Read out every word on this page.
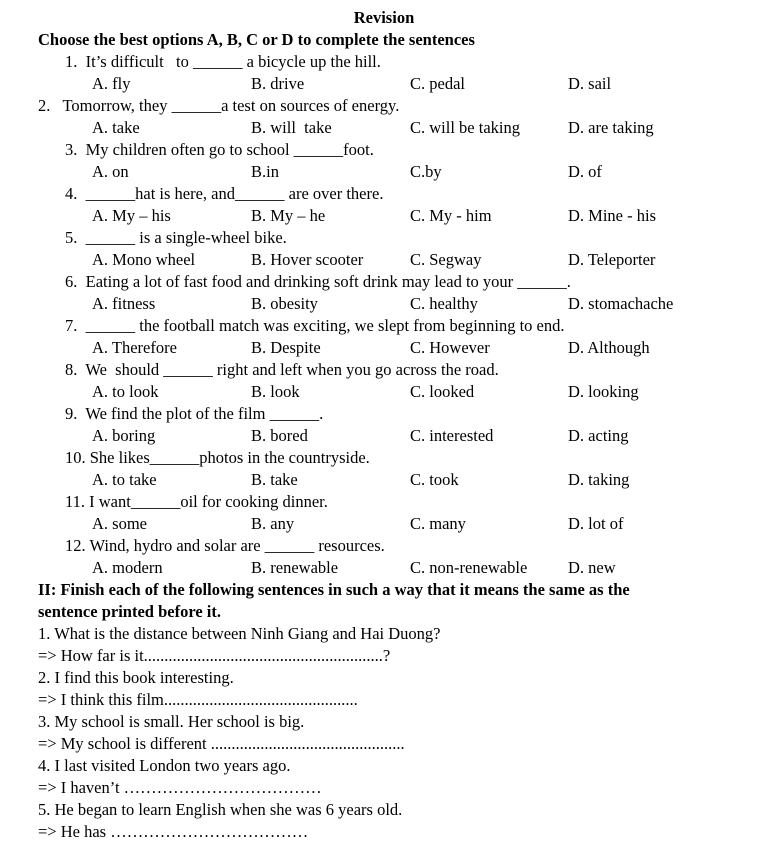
Revision
Choose the best options A, B, C or D to complete the sentences
1.  It’s difficult   to ______ a bicycle up the hill.
A. fly	B. drive	C. pedal	D. sail
2.   Tomorrow, they ______a test on sources of energy.
A. take	B. will  take	C. will be taking	D. are taking
3.  My children often go to school ______foot.
A. on	B.in	C.by	D. of
4.  ______hat is here, and______ are over there.
A. My – his	B. My – he	C. My - him	D. Mine - his
5.  ______ is a single-wheel bike.
A. Mono wheel	B. Hover scooter	C. Segway	D. Teleporter
6.  Eating a lot of fast food and drinking soft drink may lead to your ______.
A. fitness	B. obesity	C. healthy	D. stomachache
7.  ______ the football match was exciting, we slept from beginning to end.
A. Therefore	B. Despite	C. However	D. Although
8.  We  should ______ right and left when you go across the road.
A. to look	B. look	C. looked	D. looking
9.  We find the plot of the film ______.
A. boring	B. bored	C. interested	D. acting
10. She likes______photos in the countryside.
A. to take	B. take	C. took	D. taking
11. I want______oil for cooking dinner.
A. some	B. any	C. many	D. lot of
12. Wind, hydro and solar are ______ resources.
A. modern	B. renewable	C. non-renewable D. new
II: Finish each of the following sentences in such a way that it means the same as the
sentence printed before it.
1. What is the distance between Ninh Giang and Hai Duong?
=> How far is it..........................................................?
2. I find this book interesting.
=> I think this film...............................................
3. My school is small. Her school is big.
=> My school is different ...............................................
4. I last visited London two years ago.
=> I haven’t ………………………………
5. He began to learn English when she was 6 years old.
=> He has ………………………………
